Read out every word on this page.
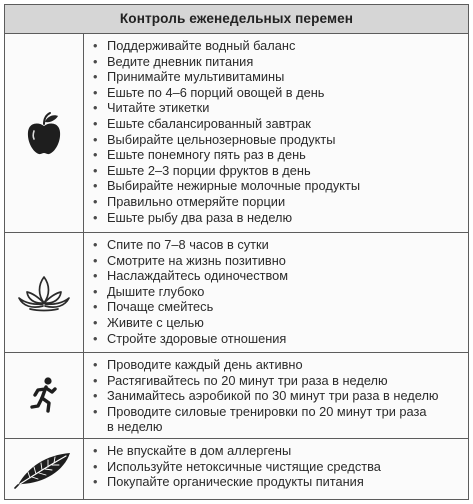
Контроль еженедельных перемен
• Поддерживайте водный баланс
• Ведите дневник питания
• Принимайте мультивитамины
• Ешьте по 4–6 порций овощей в день
• Читайте этикетки
• Ешьте сбалансированный завтрак
• Выбирайте цельнозерновые продукты
• Ешьте понемногу пять раз в день
• Ешьте 2–3 порции фруктов в день
• Выбирайте нежирные молочные продукты
• Правильно отмеряйте порции
• Ешьте рыбу два раза в неделю
• Спите по 7–8 часов в сутки
• Смотрите на жизнь позитивно
• Наслаждайтесь одиночеством
• Дышите глубоко
• Почаще смейтесь
• Живите с целью
• Стройте здоровые отношения
• Проводите каждый день активно
• Растягивайтесь по 20 минут три раза в неделю
• Занимайтесь аэробикой по 30 минут три раза в неделю
• Проводите силовые тренировки по 20 минут три раза
в неделю
• Не впускайте в дом аллергены
• Используйте нетоксичные чистящие средства
• Покупайте органические продукты питания
